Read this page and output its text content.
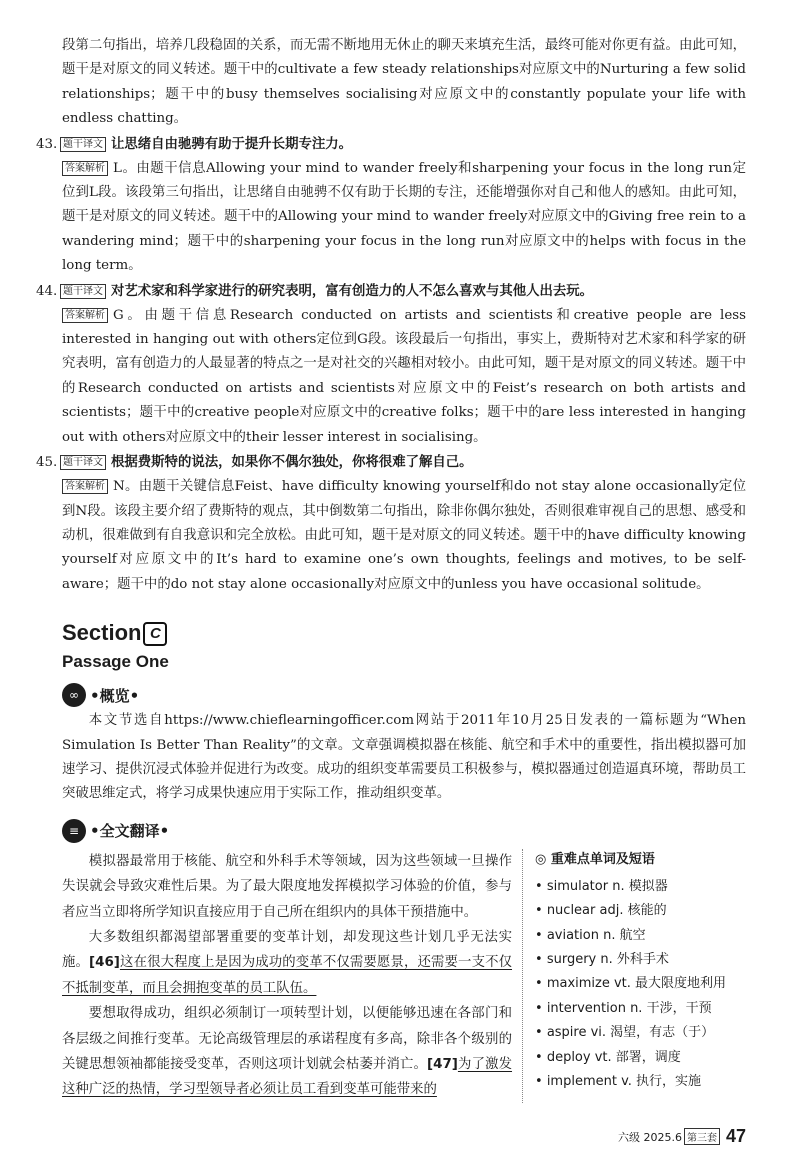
段第二句指出，培养几段稳固的关系，而无需不断地用无休止的聊天来填充生活，最终可能对你更有益。由此可知，题干是对原文的同义转述。题干中的cultivate a few steady relationships对应原文中的Nurturing a few solid relationships；题干中的busy themselves socialising对应原文中的constantly populate your life with endless chatting。

43. 题干译文 让思绪自由驰骋有助于提升长期专注力。

答案解析 L。由题干信息Allowing your mind to wander freely和sharpening your focus in the long run定位到L段。该段第三句指出，让思绪自由驰骋不仅有助于长期的专注，还能增强你对自己和他人的感知。由此可知，题干是对原文的同义转述。题干中的Allowing your mind to wander freely对应原文中的Giving free rein to a wandering mind；题干中的sharpening your focus in the long run对应原文中的helps with focus in the long term。

44. 题干译文 对艺术家和科学家进行的研究表明，富有创造力的人不怎么喜欢与其他人出去玩。

答案解析 G。由题干信息Research conducted on artists and scientists和creative people are less interested in hanging out with others定位到G段。该段最后一句指出，事实上，费斯特对艺术家和科学家的研究表明，富有创造力的人最显著的特点之一是对社交的兴趣相对较小。由此可知，题干是对原文的同义转述。题干中的Research conducted on artists and scientists对应原文中的Feist’s research on both artists and scientists；题干中的creative people对应原文中的creative folks；题干中的are less interested in hanging out with others对应原文中的their lesser interest in socialising。

45. 题干译文 根据费斯特的说法，如果你不偶尔独处，你将很难了解自己。

答案解析 N。由题干关键信息Feist、have difficulty knowing yourself和do not stay alone occasionally定位到N段。该段主要介绍了费斯特的观点，其中倒数第二句指出，除非你偶尔独处，否则很难审视自己的思想、感受和动机，很难做到有自我意识和完全放松。由此可知，题干是对原文的同义转述。题干中的have difficulty knowing yourself对应原文中的It’s hard to examine one’s own thoughts, feelings and motives, to be self-aware；题干中的do not stay alone occasionally对应原文中的unless you have occasional solitude。

Section C
Passage One
∞ •概览•

本文节选自https://www.chieflearningofficer.com网站于2011年10月25日发表的一篇标题为“When Simulation Is Better Than Reality”的文章。文章强调模拟器在核能、航空和手术中的重要性，指出模拟器可加速学习、提供沉浸式体验并促进行为改变。成功的组织变革需要员工积极参与，模拟器通过创造逼真环境，帮助员工突破思维定式，将学习成果快速应用于实际工作，推动组织变革。

≡ •全文翻译•

模拟器最常用于核能、航空和外科手术等领域，因为这些领域一旦操作失误就会导致灾难性后果。为了最大限度地发挥模拟学习体验的价值，参与者应当立即将所学知识直接应用于自己所在组织内的具体干预措施中。

大多数组织都渴望部署重要的变革计划，却发现这些计划几乎无法实施。[46]这在很大程度上是因为成功的变革不仅需要愿景，还需要一支不仅不抵制变革，而且会拥抱变革的员工队伍。

要想取得成功，组织必须制订一项转型计划，以便能够迅速在各部门和各层级之间推行变革。无论高级管理层的承诺程度有多高，除非各个级别的关键思想领袖都能接受变革，否则这项计划就会枯萎并消亡。[47]为了激发这种广泛的热情，学习型领导者必须让员工看到变革可能带来的

◎ 重难点单词及短语

• simulator n. 模拟器
• nuclear adj. 核能的
• aviation n. 航空
• surgery n. 外科手术
• maximize vt. 最大限度地利用
• intervention n. 干涉，干预
• aspire vi. 渴望，有志（于）
• deploy vt. 部署，调度
• implement v. 执行，实施
六级 2025.6 第三套 47
